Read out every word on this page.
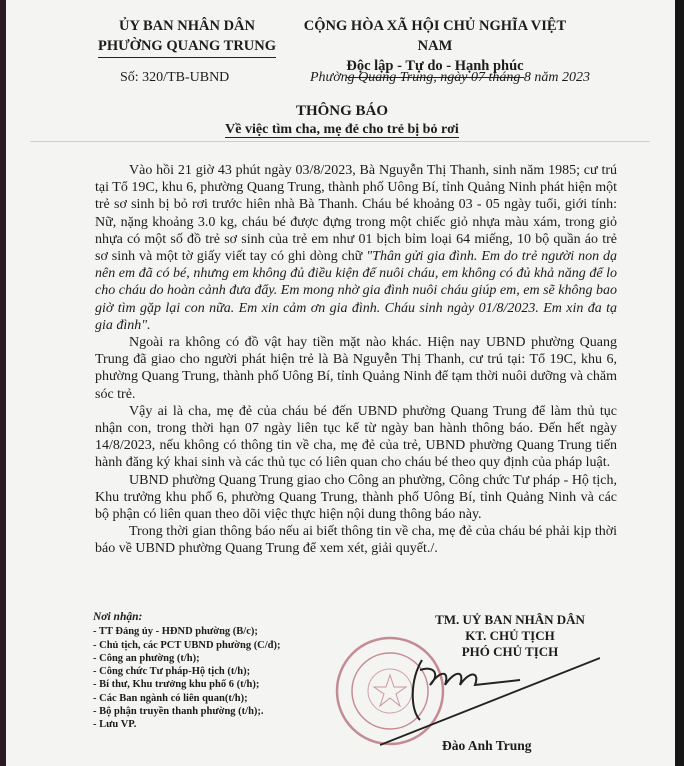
ỦY BAN NHÂN DÂN
PHƯỜNG QUANG TRUNG
CỘNG HÒA XÃ HỘI CHỦ NGHĨA VIỆT NAM
Độc lập - Tự do - Hạnh phúc
Số: 320/TB-UBND	Phường Quang Trung, ngày 07 tháng 8 năm 2023
THÔNG BÁO
Về việc tìm cha, mẹ đẻ cho trẻ bị bỏ rơi

Vào hồi 21 giờ 43 phút ngày 03/8/2023, Bà Nguyễn Thị Thanh, sinh năm 1985; cư trú tại Tổ 19C, khu 6, phường Quang Trung, thành phố Uông Bí, tỉnh Quảng Ninh phát hiện một trẻ sơ sinh bị bỏ rơi trước hiên nhà Bà Thanh. Cháu bé khoảng 03 - 05 ngày tuổi, giới tính: Nữ, nặng khoảng 3.0 kg, cháu bé được đựng trong một chiếc giỏ nhựa màu xám, trong giỏ nhựa có một số đồ trẻ sơ sinh của trẻ em như 01 bịch bỉm loại 64 miếng, 10 bộ quần áo trẻ sơ sinh và một tờ giấy viết tay có ghi dòng chữ "Thân gửi gia đình. Em do trẻ người non dạ nên em đã có bé, nhưng em không đủ điều kiện để nuôi cháu, em không có đủ khả năng để lo cho cháu do hoàn cảnh đưa đẩy. Em mong nhờ gia đình nuôi cháu giúp em, em sẽ không bao giờ tìm gặp lại con nữa. Em xin cảm ơn gia đình. Cháu sinh ngày 01/8/2023. Em xin đa tạ gia đình".

Ngoài ra không có đồ vật hay tiền mặt nào khác. Hiện nay UBND phường Quang Trung đã giao cho người phát hiện trẻ là Bà Nguyễn Thị Thanh, cư trú tại: Tổ 19C, khu 6, phường Quang Trung, thành phố Uông Bí, tỉnh Quảng Ninh để tạm thời nuôi dưỡng và chăm sóc trẻ.

Vậy ai là cha, mẹ đẻ của cháu bé đến UBND phường Quang Trung để làm thủ tục nhận con, trong thời hạn 07 ngày liên tục kể từ ngày ban hành thông báo. Đến hết ngày 14/8/2023, nếu không có thông tin về cha, mẹ đẻ của trẻ, UBND phường Quang Trung tiến hành đăng ký khai sinh và các thủ tục có liên quan cho cháu bé theo quy định của pháp luật.

UBND phường Quang Trung giao cho Công an phường, Công chức Tư pháp - Hộ tịch, Khu trưởng khu phố 6, phường Quang Trung, thành phố Uông Bí, tỉnh Quảng Ninh và các bộ phận có liên quan theo dõi việc thực hiện nội dung thông báo này.

Trong thời gian thông báo nếu ai biết thông tin về cha, mẹ đẻ của cháu bé phải kịp thời báo về UBND phường Quang Trung để xem xét, giải quyết./.

Nơi nhận:
- TT Đảng ủy - HĐND phường (B/c);
- Chủ tịch, các PCT UBND phường (C/đ);
- Công an phường (t/h);
- Công chức Tư pháp-Hộ tịch (t/h);
- Bí thư, Khu trưởng khu phố 6 (t/h);
- Các Ban ngành có liên quan(t/h);
- Bộ phận truyền thanh phường (t/h);.
- Lưu VP.
TM. UỶ BAN NHÂN DÂN
KT. CHỦ TỊCH
PHÓ CHỦ TỊCH
Đào Anh Trung
